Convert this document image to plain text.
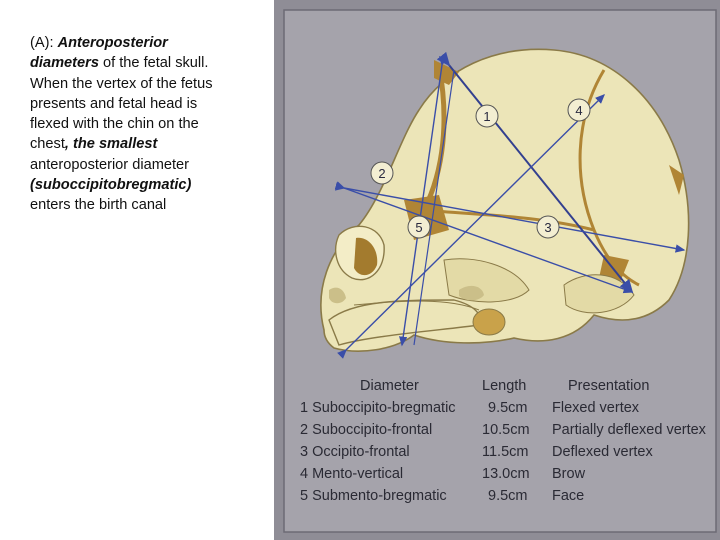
(A): Anteroposterior diameters of the fetal skull. When the vertex of the fetus presents and fetal head is flexed with the chin on the chest, the smallest anteroposterior diameter (suboccipitobregmatic) enters the birth canal
1
2
3
4
5
Diameter	Length	Presentation
1 Suboccipito-bregmatic 9.5cm Flexed vertex
2 Suboccipito-frontal	10.5cm Partially deflexed vertex
3 Occipito-frontal	11.5cm Deflexed vertex
4 Mento-vertical	13.0cm Brow
5 Submento-bregmatic	9.5cm Face
